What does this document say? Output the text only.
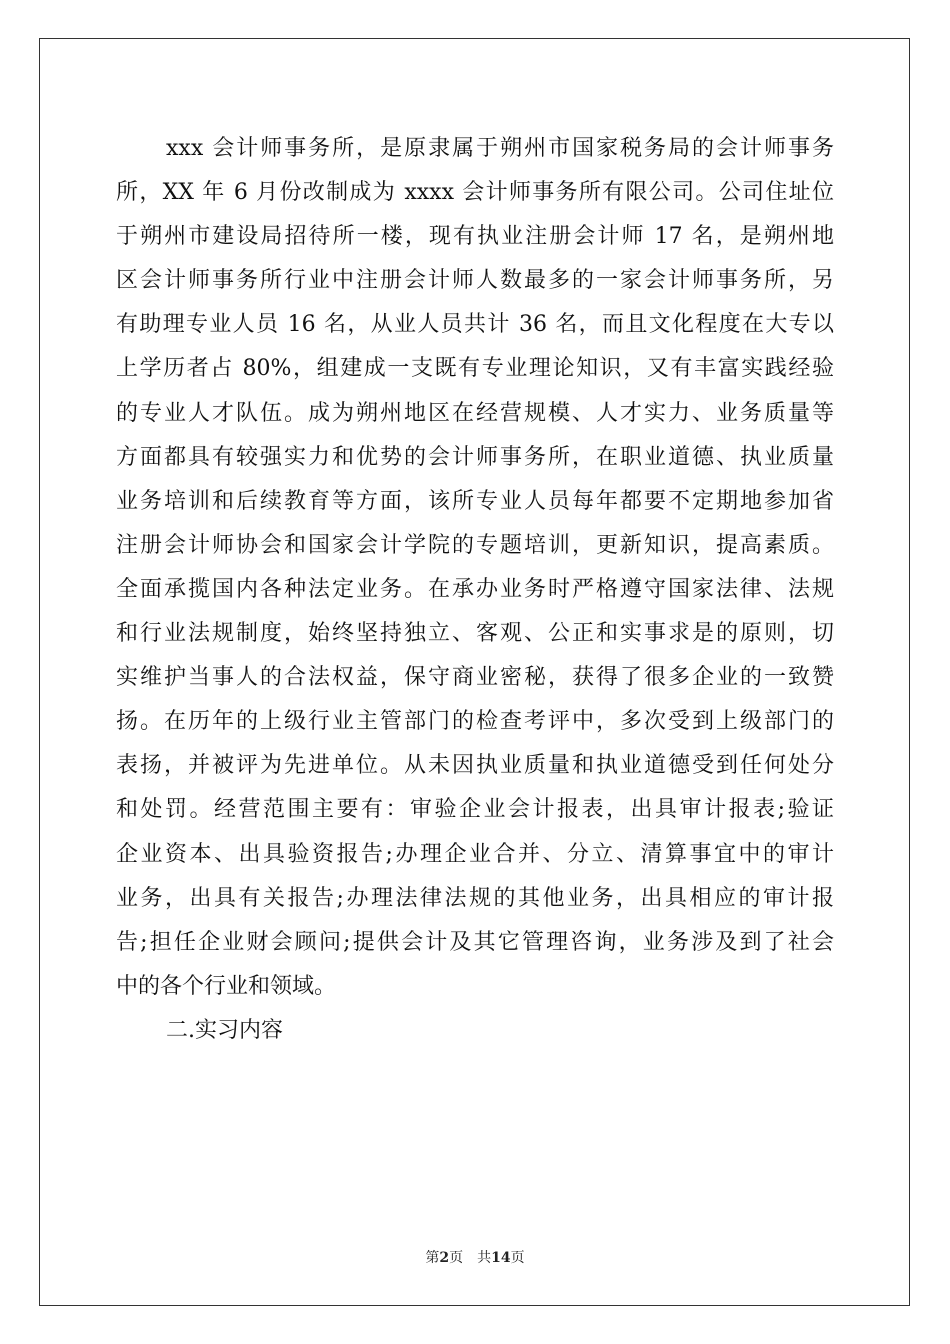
xxx 会计师事务所，是原隶属于朔州市国家税务局的会计师事务
所，XX 年 6 月份改制成为 xxxx 会计师事务所有限公司。公司住址位
于朔州市建设局招待所一楼，现有执业注册会计师 17 名，是朔州地
区会计师事务所行业中注册会计师人数最多的一家会计师事务所，另
有助理专业人员 16 名，从业人员共计 36 名，而且文化程度在大专以
上学历者占 80%，组建成一支既有专业理论知识，又有丰富实践经验
的专业人才队伍。成为朔州地区在经营规模、人才实力、业务质量等
方面都具有较强实力和优势的会计师事务所，在职业道德、执业质量
业务培训和后续教育等方面，该所专业人员每年都要不定期地参加省
注册会计师协会和国家会计学院的专题培训，更新知识，提高素质。
全面承揽国内各种法定业务。在承办业务时严格遵守国家法律、法规
和行业法规制度，始终坚持独立、客观、公正和实事求是的原则，切
实维护当事人的合法权益，保守商业密秘，获得了很多企业的一致赞
扬。在历年的上级行业主管部门的检查考评中，多次受到上级部门的
表扬，并被评为先进单位。从未因执业质量和执业道德受到任何处分
和处罚。经营范围主要有：审验企业会计报表，出具审计报表;验证
企业资本、出具验资报告;办理企业合并、分立、清算事宜中的审计
业务，出具有关报告;办理法律法规的其他业务，出具相应的审计报
告;担任企业财会顾问;提供会计及其它管理咨询，业务涉及到了社会
中的各个行业和领域。
二.实习内容
第2页　共14页
